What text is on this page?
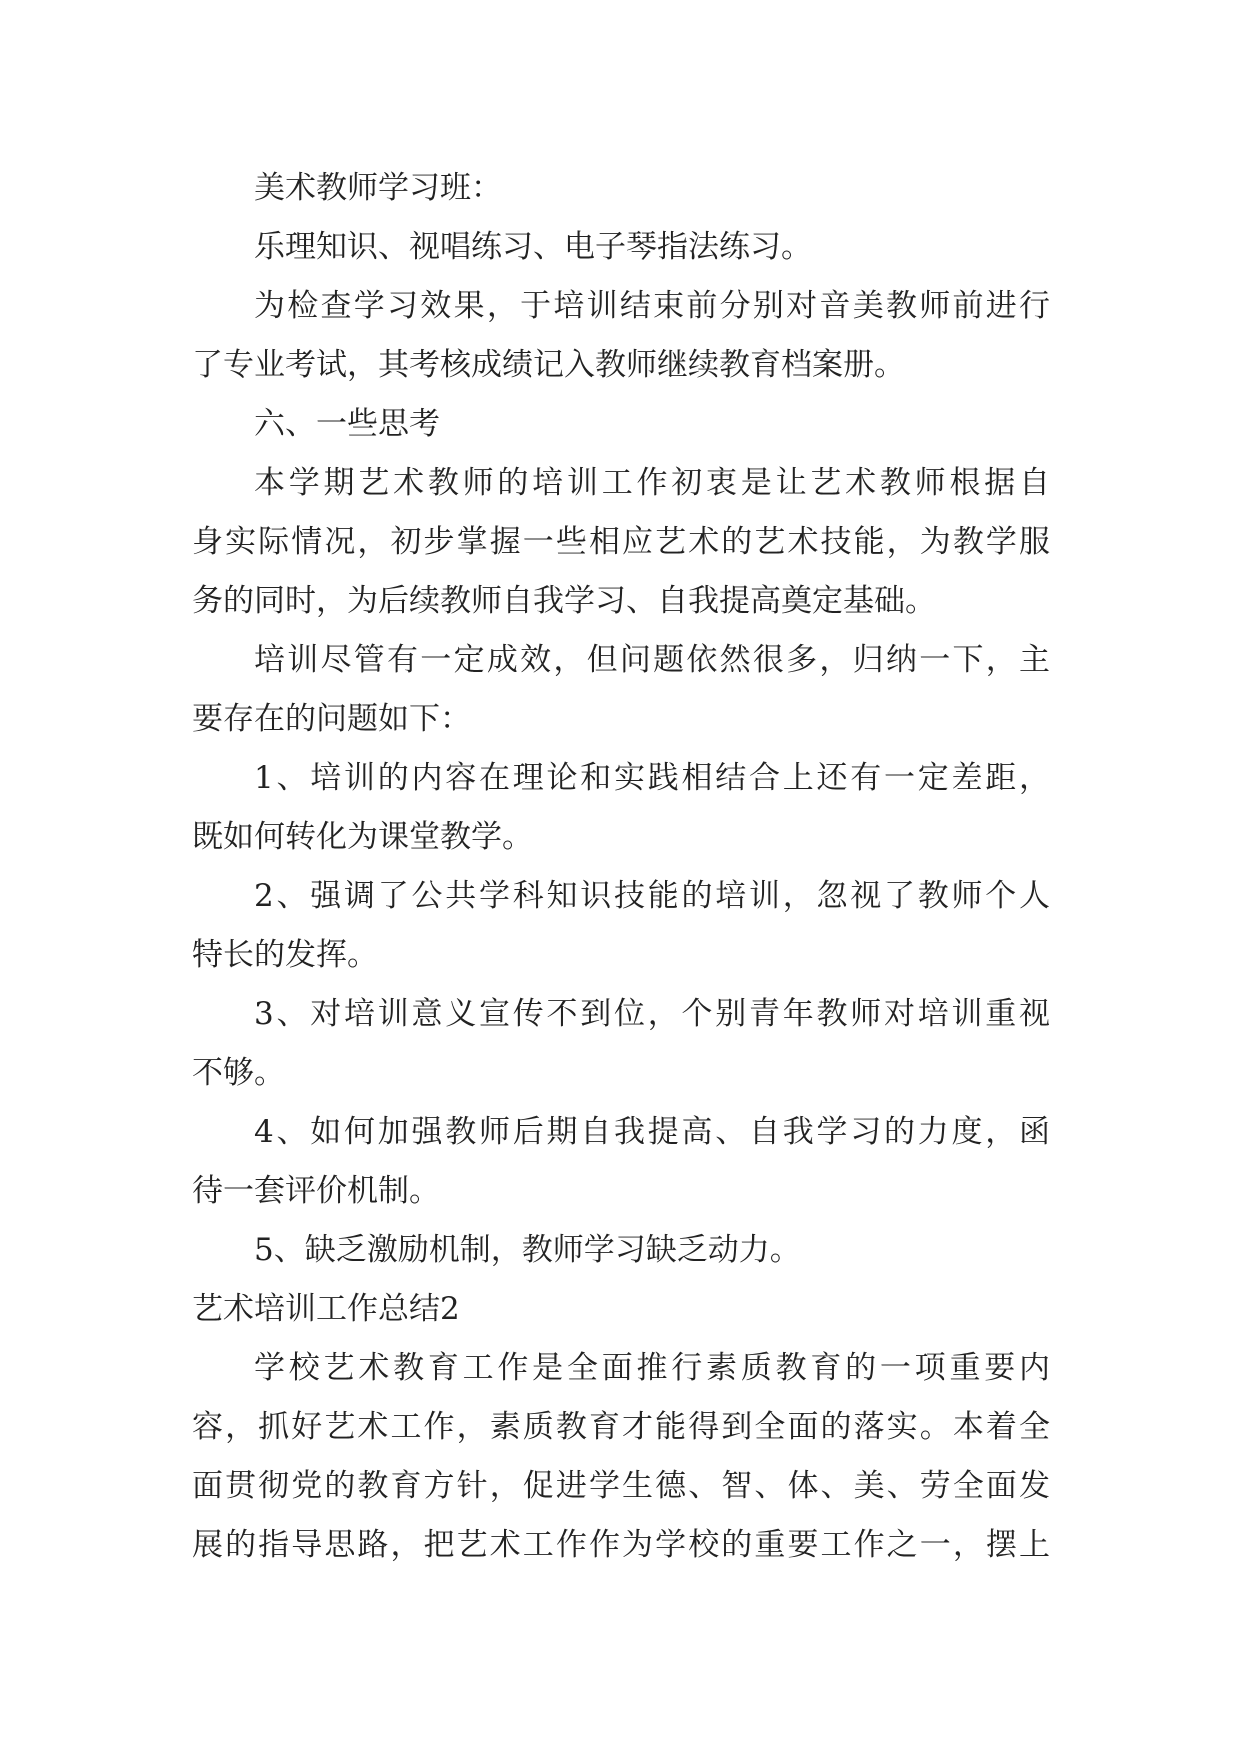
美术教师学习班：
乐理知识、视唱练习、电子琴指法练习。
为检查学习效果，于培训结束前分别对音美教师前进行
了专业考试，其考核成绩记入教师继续教育档案册。
六、一些思考
本学期艺术教师的培训工作初衷是让艺术教师根据自
身实际情况，初步掌握一些相应艺术的艺术技能，为教学服
务的同时，为后续教师自我学习、自我提高奠定基础。
培训尽管有一定成效，但问题依然很多，归纳一下，主
要存在的问题如下：
1、培训的内容在理论和实践相结合上还有一定差距，
既如何转化为课堂教学。
2、强调了公共学科知识技能的培训，忽视了教师个人
特长的发挥。
3、对培训意义宣传不到位，个别青年教师对培训重视
不够。
4、如何加强教师后期自我提高、自我学习的力度，函
待一套评价机制。
5、缺乏激励机制，教师学习缺乏动力。
艺术培训工作总结2
学校艺术教育工作是全面推行素质教育的一项重要内
容，抓好艺术工作，素质教育才能得到全面的落实。本着全
面贯彻党的教育方针，促进学生德、智、体、美、劳全面发
展的指导思路，把艺术工作作为学校的重要工作之一，摆上
